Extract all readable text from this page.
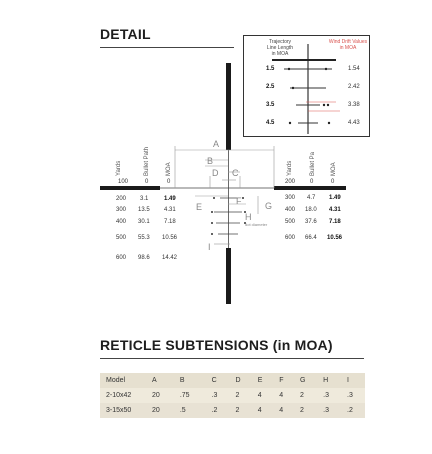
DETAIL	Trajectory
Line Length
in MOA
Wind Drift Values
in MOA
1.5	1.54
2.5	2.42
3.5	3.38
4.5	4.43
A
B
D C
E
F	G
H
dot diameter
I
Yards	Bullet Path	MOA
100	0	0
200 3.1	1.49
300 13.5 4.31
400 30.1 7.18
500 55.3 10.56
600 98.6 14.42
Yards	Bullet Pa	MOA
200 0	0
300 4.7 1.49
400 18.0 4.31
500 37.6 7.18
600 66.4 10.56
RETICLE SUBTENSIONS (in MOA)
Model	A	B	C	D	E	F	G	H	I
2-10x42	20	.75	.3	2	4	4	2	.3	.3
3-15x50	20	.5	.2	2	4	4	2	.3	.2
